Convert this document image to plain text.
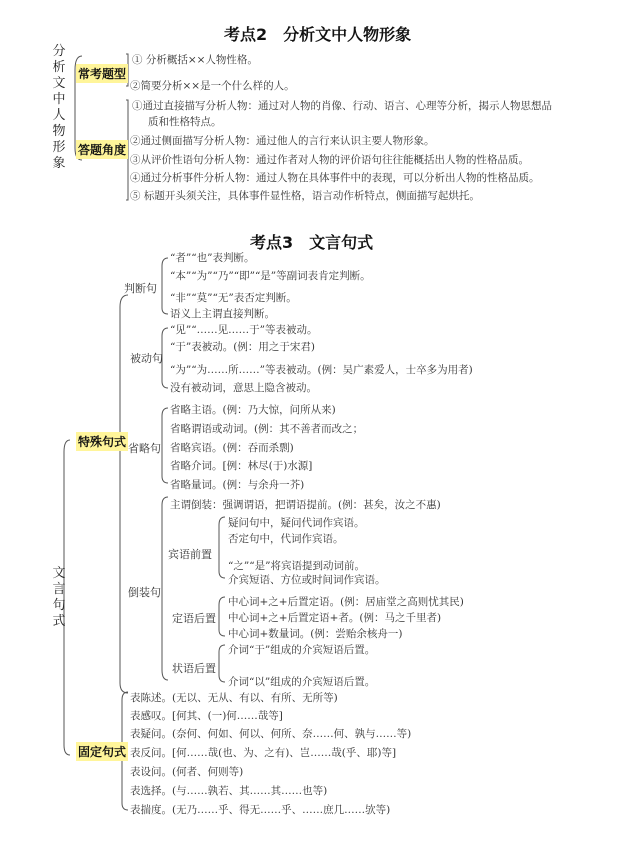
考点2　分析文中人物形象
分析文中人物形象
常考题型
答题角度
① 分析概括××人物性格。
②简要分析××是一个什么样的人。
①通过直接描写分析人物：通过对人物的肖像、行动、语言、心理等分析，揭示人物思想品
质和性格特点。
②通过侧面描写分析人物：通过他人的言行来认识主要人物形象。
③从评价性语句分析人物：通过作者对人物的评价语句往往能概括出人物的性格品质。
④通过分析事件分析人物：通过人物在具体事件中的表现，可以分析出人物的性格品质。
⑤ 标题开头须关注，具体事件显性格，语言动作析特点，侧面描写起烘托。
考点3　文言句式
文言句式
特殊句式
固定句式
判断句
“者”“也”表判断。
“本”“为”“乃”“即”“是”等副词表肯定判断。
“非”“莫”“无”表否定判断。
语义上主谓直接判断。
被动句
“见”“……见……于”等表被动。
“于”表被动。(例：用之于宋君)
“为”“为……所……”等表被动。(例：吴广素爱人，士卒多为用者)
没有被动词，意思上隐含被动。
省略句
省略主语。(例：乃大惊，问所从来)
省略谓语或动词。(例：其不善者而改之；
省略宾语。(例：吞而杀剽)
省略介词。[例：林尽(于)水源]
省略量词。(例：与余舟一芥)
倒装句
主谓倒装：强调谓语，把谓语提前。(例：甚矣，汝之不惠)
宾语前置
疑问句中，疑问代词作宾语。
否定句中，代词作宾语。
“之”“是”将宾语提到动词前。
介宾短语、方位或时间词作宾语。
定语后置
中心词+之+后置定语。(例：居庙堂之高则忧其民)
中心词+之+后置定语+者。(例：马之千里者)
中心词+数量词。(例：尝贻余核舟一)
状语后置
介词“于”组成的介宾短语后置。
介词“以”组成的介宾短语后置。
表陈述。(无以、无从、有以、有所、无所等)
表感叹。[何其、(一)何……哉等]
表疑问。(奈何、何如、何以、何所、奈……何、孰与……等)
表反问。[何……哉(也、为、之有)、岂……哉(乎、耶)等]
表设问。(何者、何则等)
表选择。(与……孰若、其……其……也等)
表揣度。(无乃……乎、得无……乎、……庶几……欤等)
